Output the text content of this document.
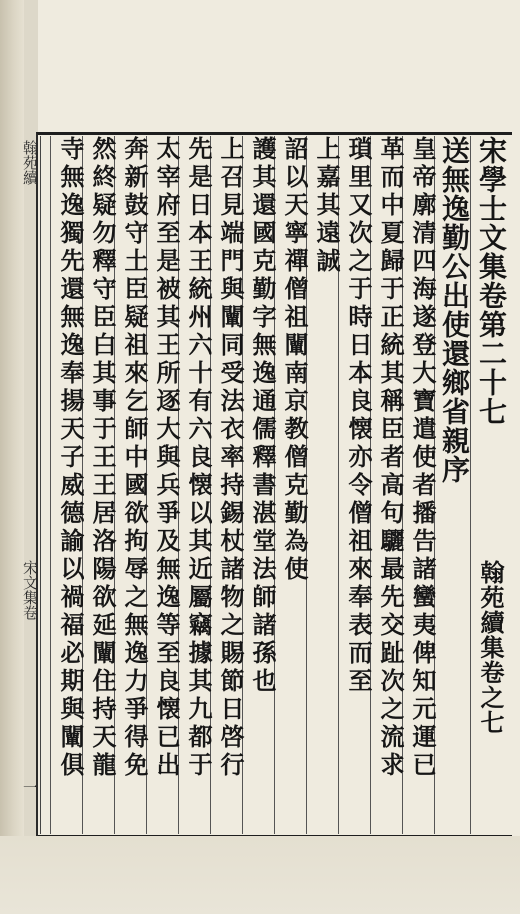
翰苑續
宋文集卷
一
宋學士文集卷第二十七
翰苑續集卷之七
送無逸勤公出使還鄉省親序
皇帝廓清四海遂登大寶遣使者播告諸蠻夷俾知元運已
革而中夏歸于正統其稱臣者高句驪最先交趾次之流求
瑣里又次之于時日本良懐亦令僧祖來奉表而至
上嘉其遠誠
詔以天寧禪僧祖闡南京教僧克勤為使
護其還國克勤字無逸通儒釋書湛堂法師諸孫也
上召見端門與闡同受法衣率持錫杖諸物之賜節日啓行
先是日本王統州六十有六良懐以其近屬竊據其九都于
太宰府至是被其王所逐大與兵爭及無逸等至良懐已出
奔新鼓守土臣疑祖來乞師中國欲拘辱之無逸力爭得免
然終疑勿釋守臣白其事于王王居洛陽欲延闡住持天龍
寺無逸獨先還無逸奉揚天子威德諭以禍福必期與闡俱
